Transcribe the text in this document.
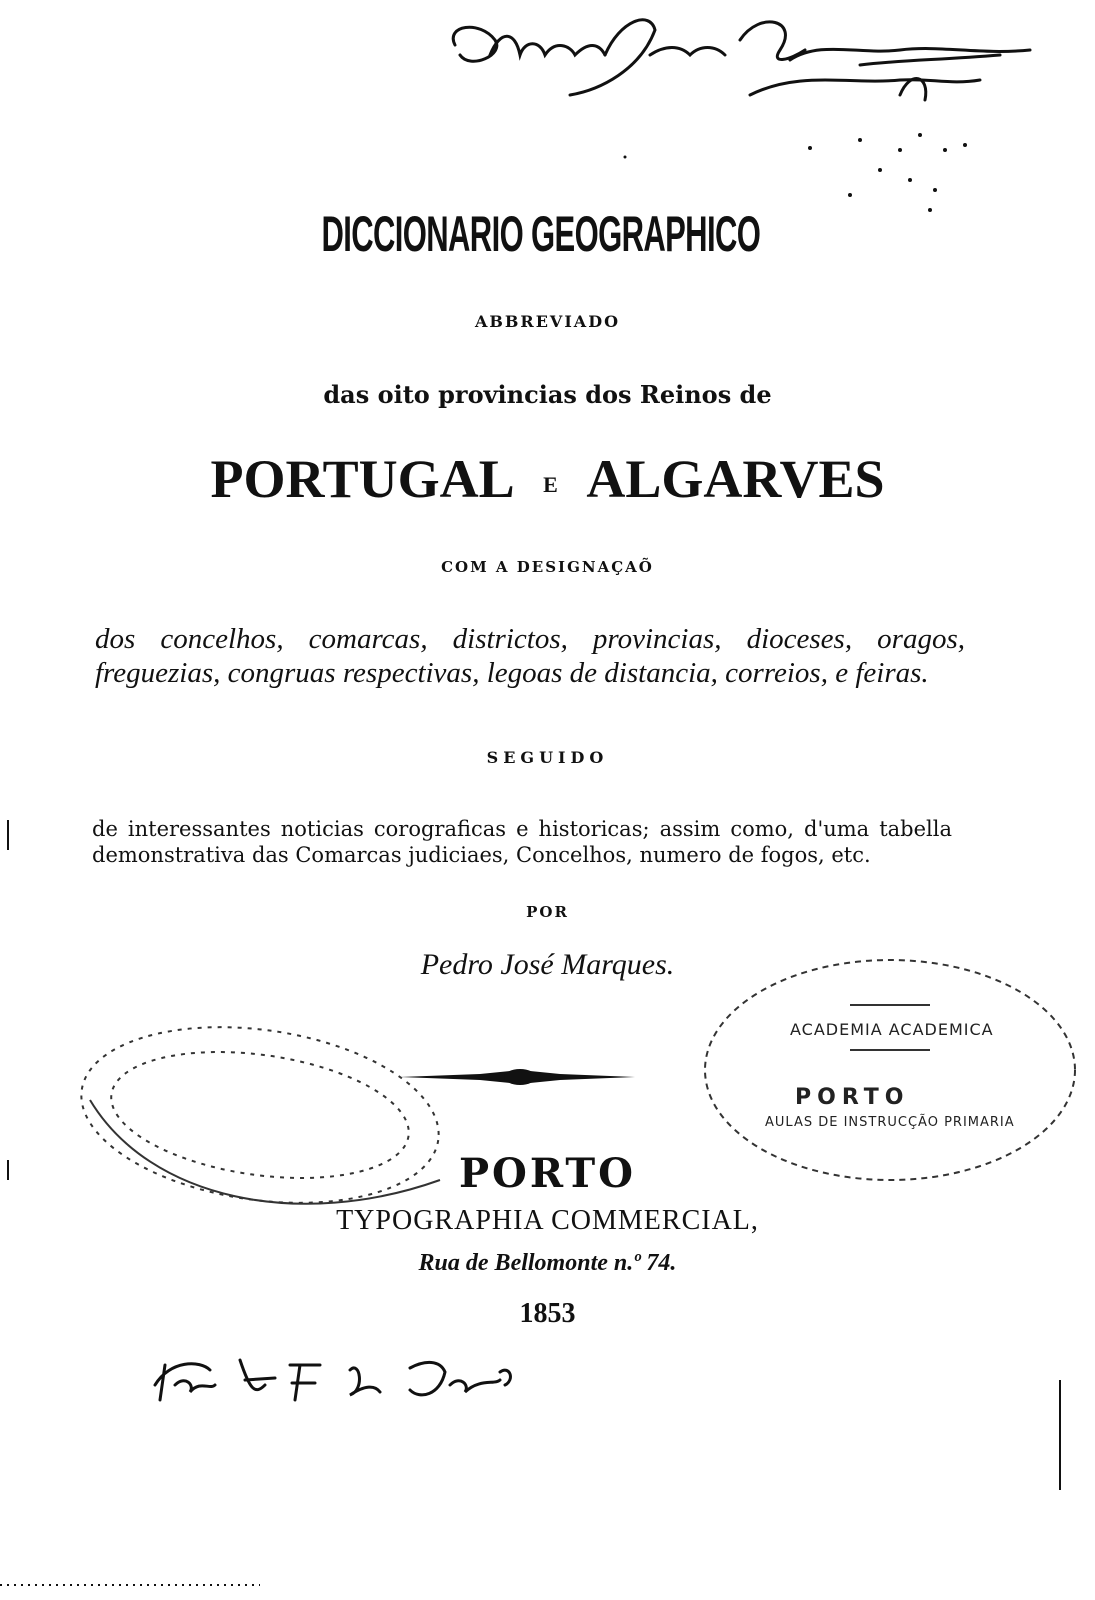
DICCIONARIO GEOGRAPHICO
ABBREVIADO
das oito provincias dos Reinos de
PORTUGAL E ALGARVES
COM A DESIGNAÇAÕ
dos concelhos, comarcas, districtos, provincias, dioceses, oragos, freguezias, congruas respectivas, legoas de distancia, correios, e feiras.
SEGUIDO
de interessantes noticias corograficas e historicas; assim como, d'uma tabella demonstrativa das Comarcas judiciaes, Concelhos, numero de fogos, etc.
POR
Pedro José Marques.
ACADEMIA ACADEMICA
PORTO
AULAS DE INSTRUCÇÃO PRIMARIA
PORTO
TYPOGRAPHIA COMMERCIAL,
Rua de Bellomonte n.º 74.
1853
